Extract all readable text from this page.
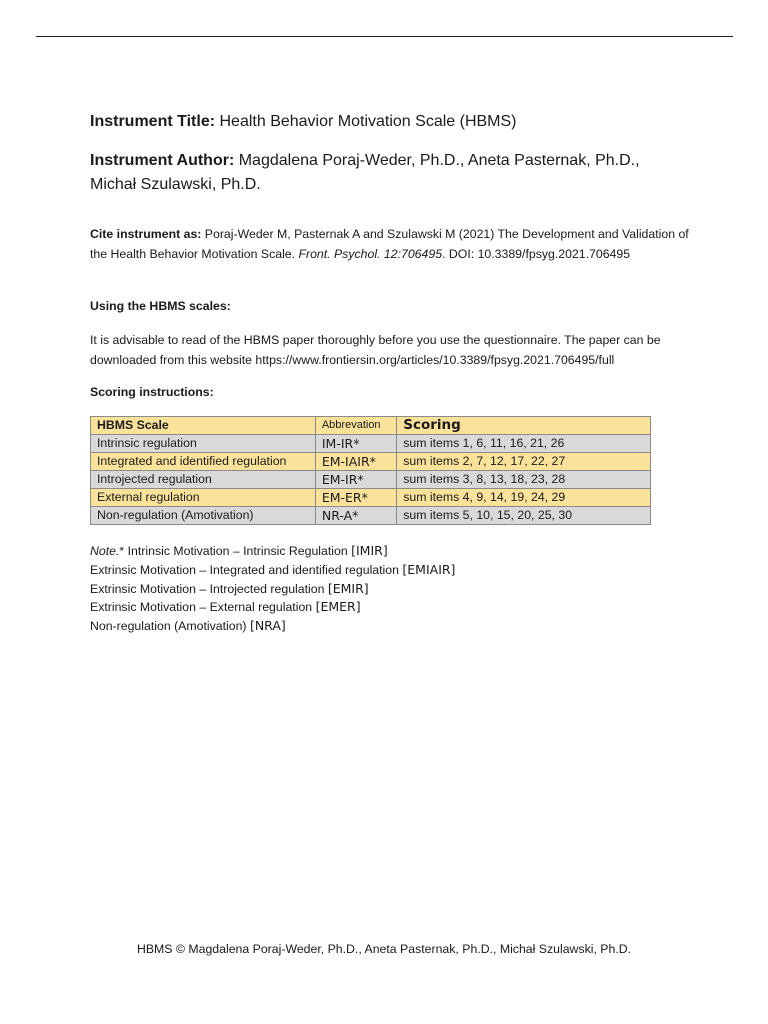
Instrument Title: Health Behavior Motivation Scale (HBMS)
Instrument Author: Magdalena Poraj-Weder, Ph.D., Aneta Pasternak, Ph.D., Michał Szulawski, Ph.D.
Cite instrument as: Poraj-Weder M, Pasternak A and Szulawski M (2021) The Development and Validation of the Health Behavior Motivation Scale. Front. Psychol. 12:706495. DOI: 10.3389/fpsyg.2021.706495
Using the HBMS scales:
It is advisable to read of the HBMS paper thoroughly before you use the questionnaire. The paper can be downloaded from this website https://www.frontiersin.org/articles/10.3389/fpsyg.2021.706495/full
Scoring instructions:
HBMS Scale	Abbrevation	Scoring
Intrinsic regulation	IM-IR*	sum items 1, 6, 11, 16, 21, 26
Integrated and identified regulation	EM-IAIR*	sum items 2, 7, 12, 17, 22, 27
Introjected regulation	EM-IR*	sum items 3, 8, 13, 18, 23, 28
External regulation	EM-ER*	sum items 4, 9, 14, 19, 24, 29
Non-regulation (Amotivation)	NR-A*	sum items 5, 10, 15, 20, 25, 30
Note.* Intrinsic Motivation – Intrinsic Regulation [IMIR]
Extrinsic Motivation – Integrated and identified regulation [EMIAIR]
Extrinsic Motivation – Introjected regulation [EMIR]
Extrinsic Motivation – External regulation [EMER]
Non-regulation (Amotivation) [NRA]
HBMS © Magdalena Poraj-Weder, Ph.D., Aneta Pasternak, Ph.D., Michał Szulawski, Ph.D.
